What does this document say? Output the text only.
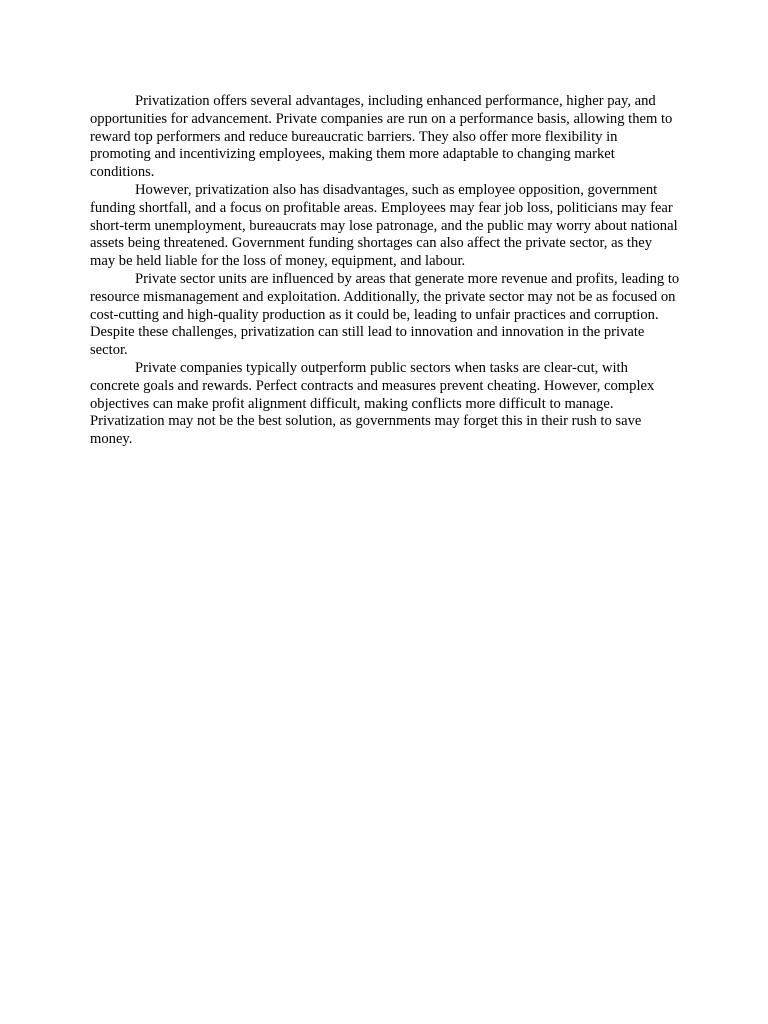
Privatization offers several advantages, including enhanced performance, higher pay, and opportunities for advancement. Private companies are run on a performance basis, allowing them to reward top performers and reduce bureaucratic barriers. They also offer more flexibility in promoting and incentivizing employees, making them more adaptable to changing market conditions.

However, privatization also has disadvantages, such as employee opposition, government funding shortfall, and a focus on profitable areas. Employees may fear job loss, politicians may fear short-term unemployment, bureaucrats may lose patronage, and the public may worry about national assets being threatened. Government funding shortages can also affect the private sector, as they may be held liable for the loss of money, equipment, and labour.

Private sector units are influenced by areas that generate more revenue and profits, leading to resource mismanagement and exploitation. Additionally, the private sector may not be as focused on cost-cutting and high-quality production as it could be, leading to unfair practices and corruption. Despite these challenges, privatization can still lead to innovation and innovation in the private sector.

Private companies typically outperform public sectors when tasks are clear-cut, with concrete goals and rewards. Perfect contracts and measures prevent cheating. However, complex objectives can make profit alignment difficult, making conflicts more difficult to manage. Privatization may not be the best solution, as governments may forget this in their rush to save money.
